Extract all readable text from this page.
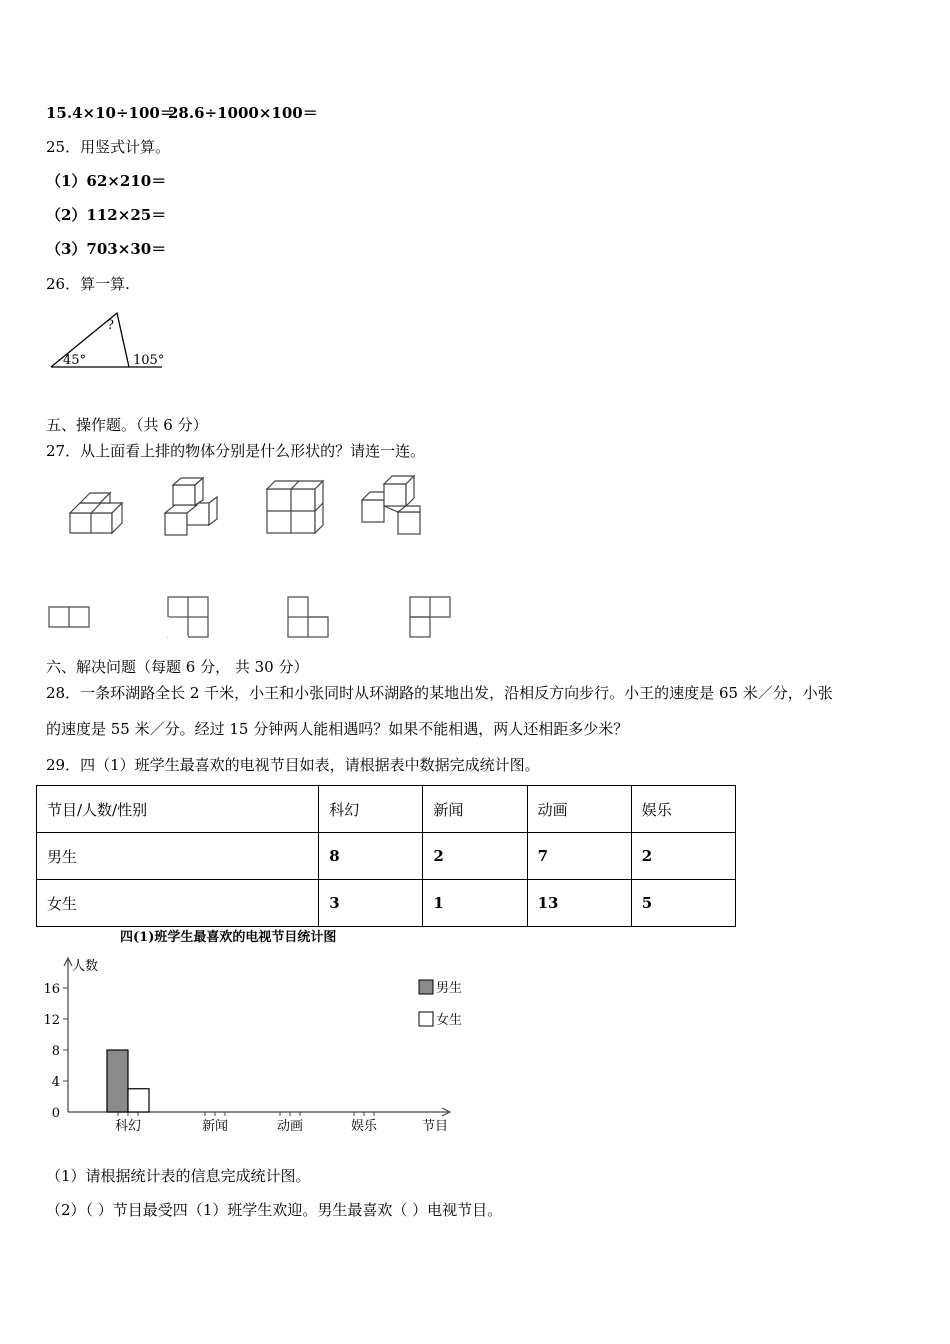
15.4×10÷100＝
28.6÷1000×100＝
25．用竖式计算。
（1）62×210＝
（2）112×25＝
（3）703×30＝
26．算一算.
45°
?
105°
五、操作题。（共 6 分）
27．从上面看上排的物体分别是什么形状的？请连一连。
六、解决问题（每题 6 分， 共 30 分）
28．一条环湖路全长 2 千米，小王和小张同时从环湖路的某地出发，沿相反方向步行。小王的速度是 65 米／分，小张
的速度是 55 米／分。经过 15 分钟两人能相遇吗？如果不能相遇，两人还相距多少米？
29．四（1）班学生最喜欢的电视节目如表，请根据表中数据完成统计图。
节目/人数/性别	科幻	新闻	动画	娱乐
男生	8	2	7	2
女生	3	1	13	5
四(1)班学生最喜欢的电视节目统计图
人数
节目
0
4
8
12
16
科幻	新闻	动画	娱乐
男生
女生
（1）请根据统计表的信息完成统计图。
（2）（ ）节目最受四（1）班学生欢迎。男生最喜欢（ ）电视节目。
